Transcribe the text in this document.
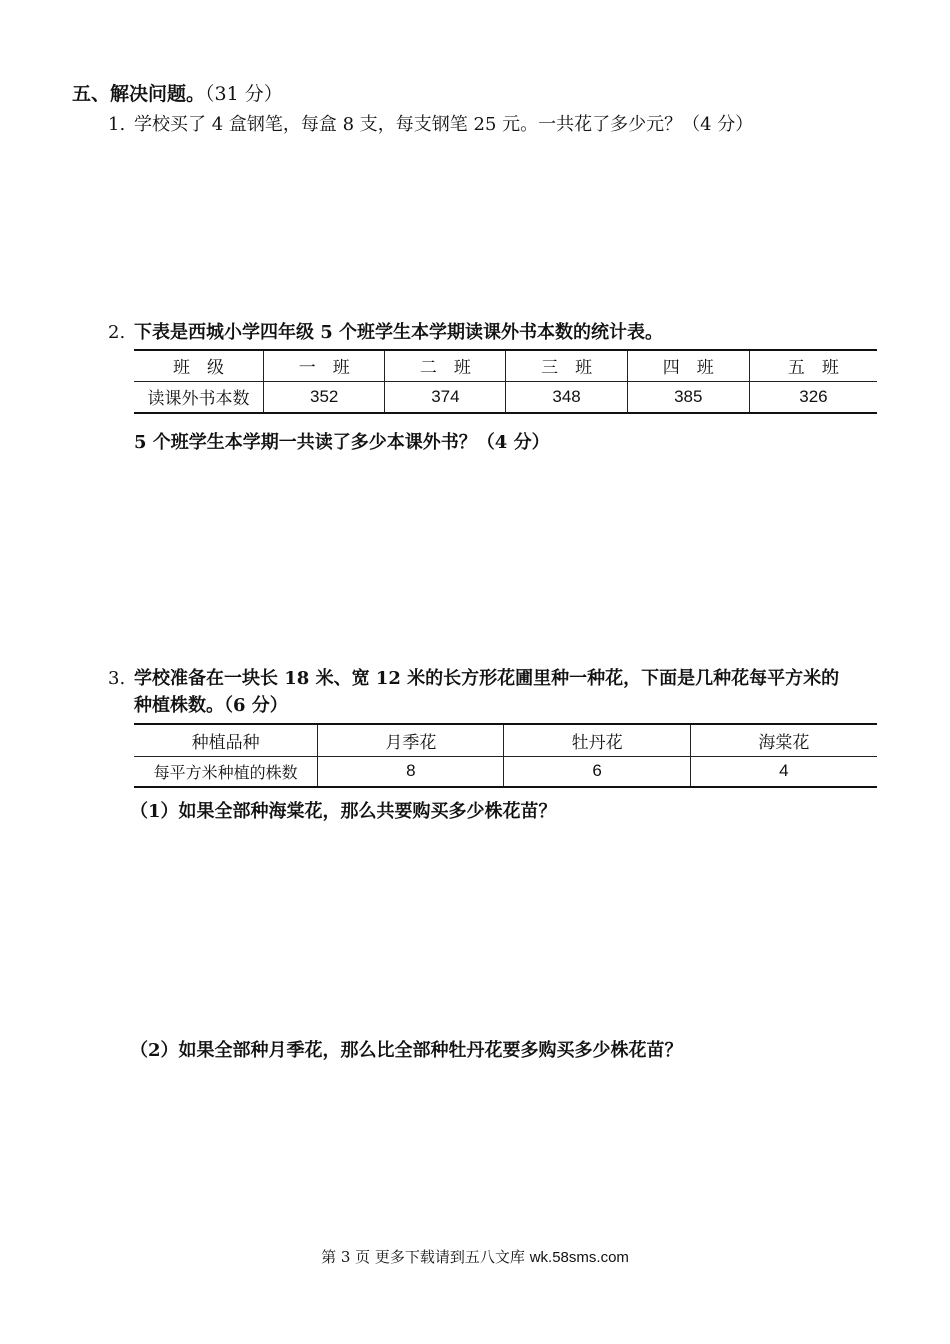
五、解决问题。（31 分）
1. 学校买了 4 盒钢笔，每盒 8 支，每支钢笔 25 元。一共花了多少元？（4 分）
2. 下表是西城小学四年级 5 个班学生本学期读课外书本数的统计表。
班　级	一　班	二　班	三　班	四　班	五　班
读课外书本数	352	374	348	385	326
5 个班学生本学期一共读了多少本课外书？（4 分）
3. 学校准备在一块长 18 米、宽 12 米的长方形花圃里种一种花，下面是几种花每平方米的
种植株数。（6 分）
种植品种	月季花	牡丹花	海棠花
每平方米种植的株数	8	6	4
（1）如果全部种海棠花，那么共要购买多少株花苗？
（2）如果全部种月季花，那么比全部种牡丹花要多购买多少株花苗？
第 3 页 更多下载请到五八文库 wk.58sms.com
